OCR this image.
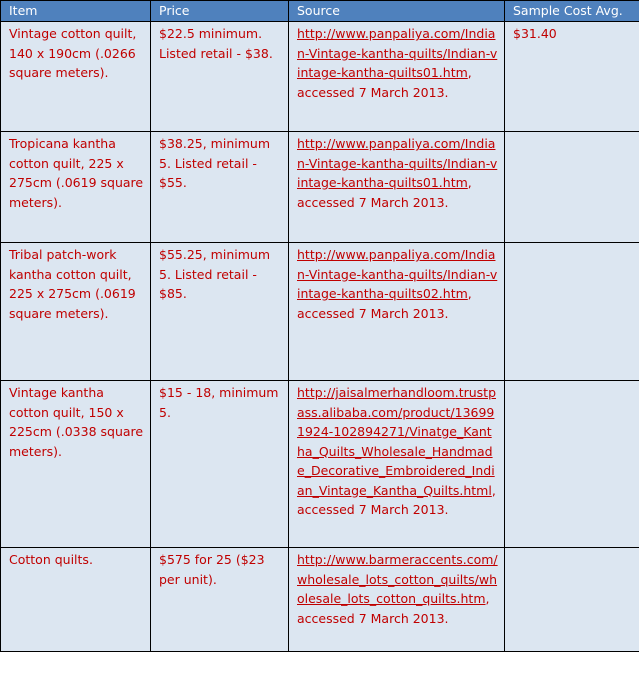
Item	Price	Source	Sample Cost Avg.
Vintage cotton quilt, 140 x 190cm (.0266 square meters).	$22.5 minimum. Listed retail - $38.	http://www.panpaliya.com/Indian-Vintage-kantha-quilts/Indian-vintage-kantha-quilts01.htm, accessed 7 March 2013.	$31.40
Tropicana kantha cotton quilt, 225 x 275cm (.0619 square meters).	$38.25, minimum 5. Listed retail - $55.	http://www.panpaliya.com/Indian-Vintage-kantha-quilts/Indian-vintage-kantha-quilts01.htm, accessed 7 March 2013.	
Tribal patch-work kantha cotton quilt, 225 x 275cm (.0619 square meters).	$55.25, minimum 5. Listed retail - $85.	http://www.panpaliya.com/Indian-Vintage-kantha-quilts/Indian-vintage-kantha-quilts02.htm, accessed 7 March 2013.	
Vintage kantha cotton quilt, 150 x 225cm (.0338 square meters).	$15 - 18, minimum 5.	http://jaisalmerhandloom.trustpass.alibaba.com/product/136991924-102894271/Vinatge_Kantha_Quilts_Wholesale_Handmade_Decorative_Embroidered_Indian_Vintage_Kantha_Quilts.html, accessed 7 March 2013.	
Cotton quilts.	$575 for 25 ($23 per unit).	http://www.barmeraccents.com/wholesale_lots_cotton_quilts/wholesale_lots_cotton_quilts.htm, accessed 7 March 2013.	
